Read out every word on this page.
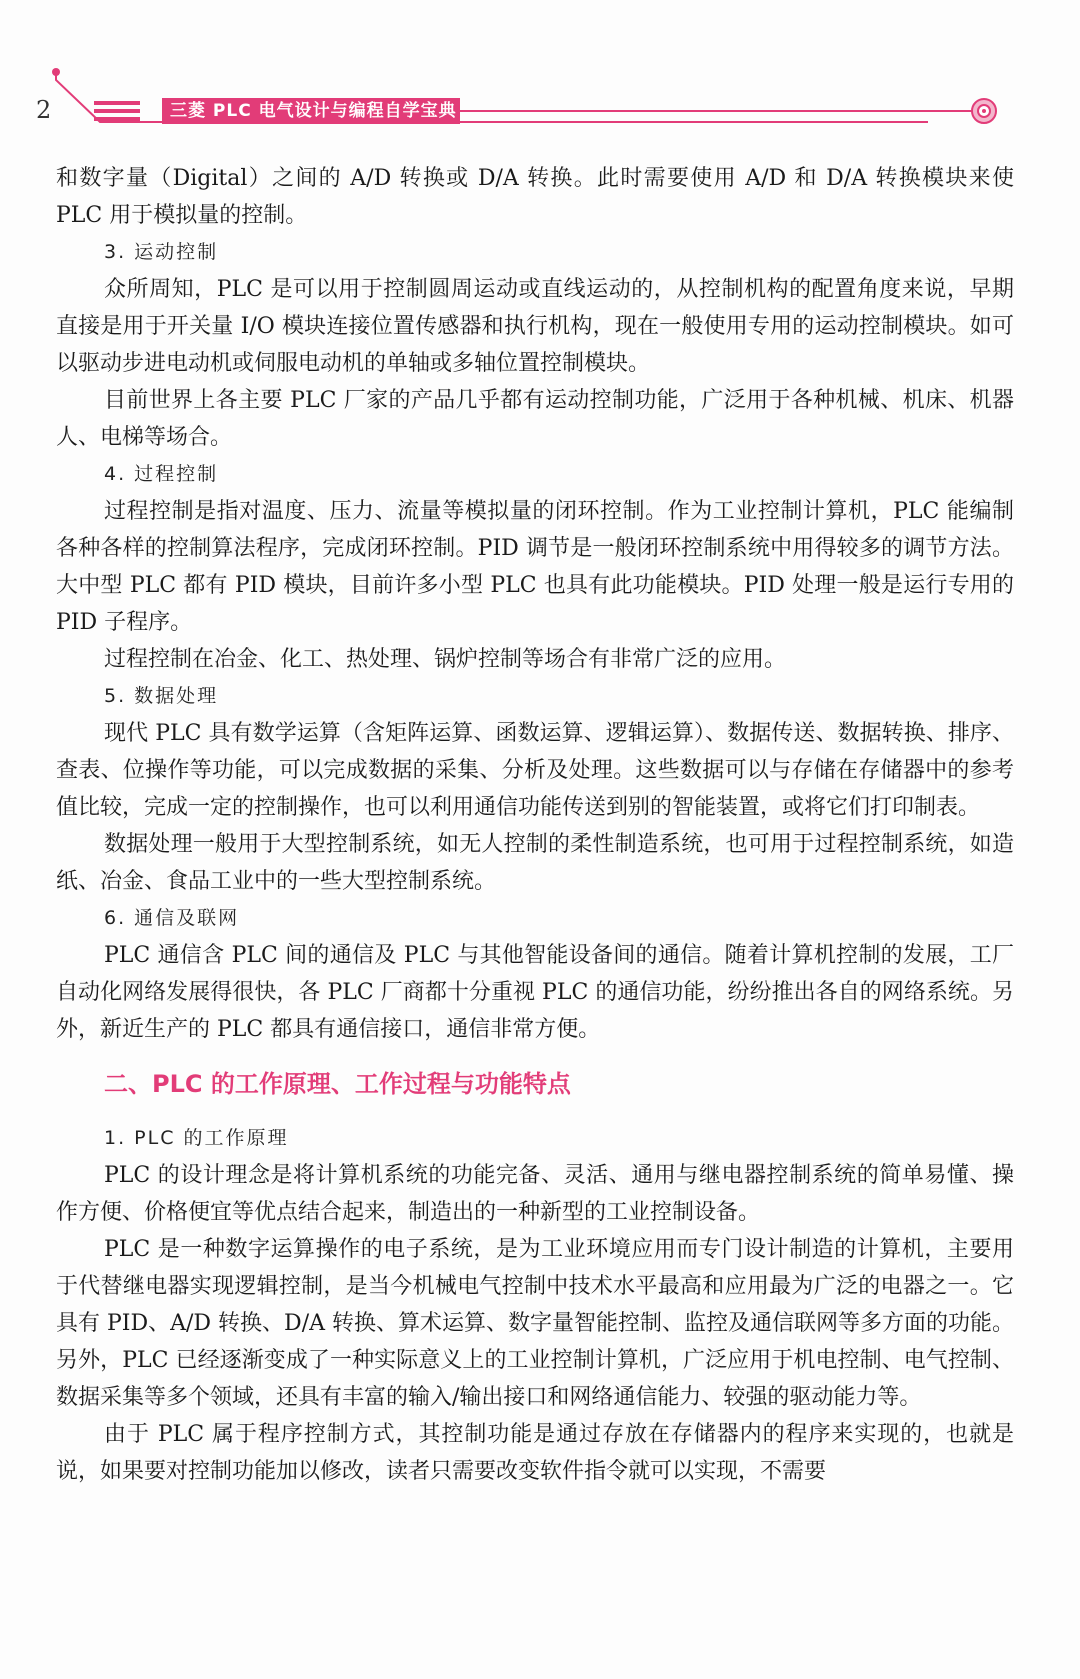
2	三菱 PLC 电气设计与编程自学宝典

和数字量（Digital）之间的 A/D 转换或 D/A 转换。此时需要使用 A/D 和 D/A 转换模块来使 PLC 用于模拟量的控制。

3. 运动控制

众所周知，PLC 是可以用于控制圆周运动或直线运动的，从控制机构的配置角度来说，早期直接是用于开关量 I/O 模块连接位置传感器和执行机构，现在一般使用专用的运动控制模块。如可以驱动步进电动机或伺服电动机的单轴或多轴位置控制模块。

目前世界上各主要 PLC 厂家的产品几乎都有运动控制功能，广泛用于各种机械、机床、机器人、电梯等场合。

4. 过程控制

过程控制是指对温度、压力、流量等模拟量的闭环控制。作为工业控制计算机，PLC 能编制各种各样的控制算法程序，完成闭环控制。PID 调节是一般闭环控制系统中用得较多的调节方法。大中型 PLC 都有 PID 模块，目前许多小型 PLC 也具有此功能模块。PID 处理一般是运行专用的 PID 子程序。

过程控制在冶金、化工、热处理、锅炉控制等场合有非常广泛的应用。

5. 数据处理

现代 PLC 具有数学运算（含矩阵运算、函数运算、逻辑运算）、数据传送、数据转换、排序、查表、位操作等功能，可以完成数据的采集、分析及处理。这些数据可以与存储在存储器中的参考值比较，完成一定的控制操作，也可以利用通信功能传送到别的智能装置，或将它们打印制表。

数据处理一般用于大型控制系统，如无人控制的柔性制造系统，也可用于过程控制系统，如造纸、冶金、食品工业中的一些大型控制系统。

6. 通信及联网

PLC 通信含 PLC 间的通信及 PLC 与其他智能设备间的通信。随着计算机控制的发展，工厂自动化网络发展得很快，各 PLC 厂商都十分重视 PLC 的通信功能，纷纷推出各自的网络系统。另外，新近生产的 PLC 都具有通信接口，通信非常方便。

二、PLC 的工作原理、工作过程与功能特点
1. PLC 的工作原理

PLC 的设计理念是将计算机系统的功能完备、灵活、通用与继电器控制系统的简单易懂、操作方便、价格便宜等优点结合起来，制造出的一种新型的工业控制设备。

PLC 是一种数字运算操作的电子系统，是为工业环境应用而专门设计制造的计算机，主要用于代替继电器实现逻辑控制，是当今机械电气控制中技术水平最高和应用最为广泛的电器之一。它具有 PID、A/D 转换、D/A 转换、算术运算、数字量智能控制、监控及通信联网等多方面的功能。另外，PLC 已经逐渐变成了一种实际意义上的工业控制计算机，广泛应用于机电控制、电气控制、数据采集等多个领域，还具有丰富的输入/输出接口和网络通信能力、较强的驱动能力等。

由于 PLC 属于程序控制方式，其控制功能是通过存放在存储器内的程序来实现的，也就是说，如果要对控制功能加以修改，读者只需要改变软件指令就可以实现，不需要
